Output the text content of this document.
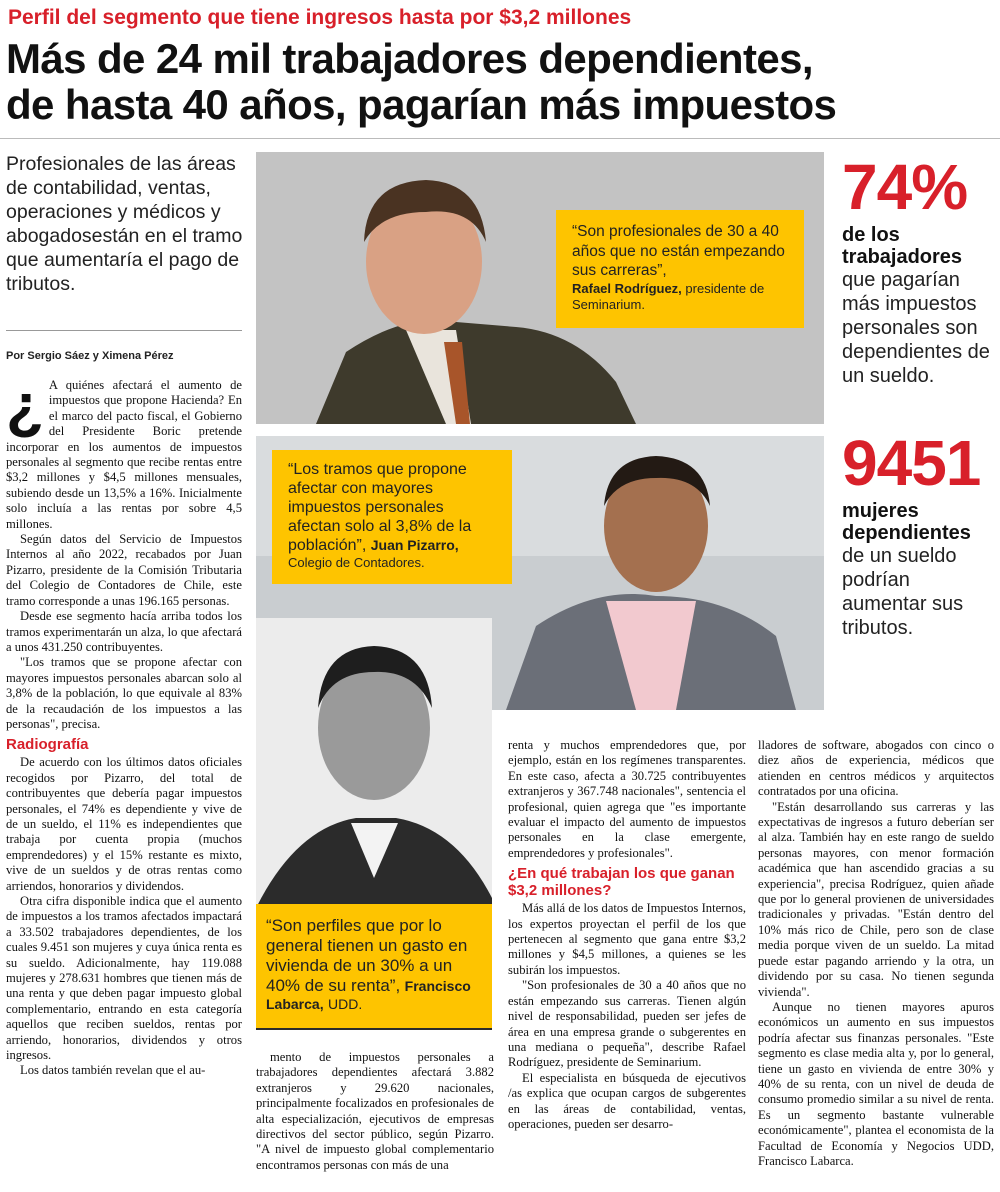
Perfil del segmento que tiene ingresos hasta por $3,2 millones
Más de 24 mil trabajadores dependientes,
de hasta 40 años, pagarían más impuestos
Profesionales de las áreas de contabilidad, ventas, operaciones y médicos y abogadosestán en el tramo que aumentaría el pago de tributos.
Por Sergio Sáez y Ximena Pérez
¿ A quiénes afectará el aumento de impuestos que propone Hacienda? En el marco del pacto fiscal, el Gobierno del Presidente Boric pretende incorporar en los aumentos de impuestos personales al segmento que recibe rentas entre $3,2 millones y $4,5 millones mensuales, subiendo desde un 13,5% a 16%. Inicialmente solo incluía a las rentas por sobre 4,5 millones.

Según datos del Servicio de Impuestos Internos al año 2022, recabados por Juan Pizarro, presidente de la Comisión Tributaria del Colegio de Contadores de Chile, este tramo corresponde a unas 196.165 personas.

Desde ese segmento hacía arriba todos los tramos experimentarán un alza, lo que afectará a unos 431.250 contribuyentes.

"Los tramos que se propone afectar con mayores impuestos personales abarcan solo al 3,8% de la población, lo que equivale al 83% de la recaudación de los impuestos a las personas", precisa.

Radiografía

De acuerdo con los últimos datos oficiales recogidos por Pizarro, del total de contribuyentes que debería pagar impuestos personales, el 74% es dependiente y vive de de un sueldo, el 11% es independientes que trabaja por cuenta propia (muchos emprendedores) y el 15% restante es mixto, vive de un sueldos y de otras rentas como arriendos, honorarios y dividendos.

Otra cifra disponible indica que el aumento de impuestos a los tramos afectados impactará a 33.502 trabajadores dependientes, de los cuales 9.451 son mujeres y cuya única renta es su sueldo. Adicionalmente, hay 119.088 mujeres y 278.631 hombres que tienen más de una renta y que deben pagar impuesto global complementario, entrando en esta categoría aquellos que reciben sueldos, rentas por arriendo, honorarios, dividendos y otros ingresos.

Los datos también revelan que el au-

“Son profesionales de 30 a 40 años que no están empezando sus carreras”,
Rafael Rodríguez, presidente de Seminarium.
74%
de los trabajadores
que pagarían más impuestos personales son dependientes de un sueldo.
“Los tramos que propone afectar con mayores impuestos personales afectan solo al 3,8% de la población”, Juan Pizarro,
Colegio de Contadores.
9451
mujeres dependientes
de un sueldo podrían aumentar sus tributos.
“Son perfiles que por lo general tienen un gasto en vivienda de un 30% a un 40% de su renta”, Francisco Labarca, UDD.

mento de impuestos personales a trabajadores dependientes afectará 3.882 extranjeros y 29.620 nacionales, principalmente focalizados en profesionales de alta especialización, ejecutivos de empresas directivos del sector público, según Pizarro. "A nivel de impuesto global complementario encontramos personas con más de una

renta y muchos emprendedores que, por ejemplo, están en los regímenes transparentes. En este caso, afecta a 30.725 contribuyentes extranjeros y 367.748 nacionales", sentencia el profesional, quien agrega que "es importante evaluar el impacto del aumento de impuestos personales en la clase emergente, emprendedores y profesionales".

¿En qué trabajan los que ganan $3,2 millones?

Más allá de los datos de Impuestos Internos, los expertos proyectan el perfil de los que pertenecen al segmento que gana entre $3,2 millones y $4,5 millones, a quienes se les subirán los impuestos.

"Son profesionales de 30 a 40 años que no están empezando sus carreras. Tienen algún nivel de responsabilidad, pueden ser jefes de área en una empresa grande o subgerentes en una mediana o pequeña", describe Rafael Rodríguez, presidente de Seminarium.

El especialista en búsqueda de ejecutivos /as explica que ocupan cargos de subgerentes en las áreas de contabilidad, ventas, operaciones, pueden ser desarro-

lladores de software, abogados con cinco o diez años de experiencia, médicos que atienden en centros médicos y arquitectos contratados por una oficina.

"Están desarrollando sus carreras y las expectativas de ingresos a futuro deberían ser al alza. También hay en este rango de sueldo personas mayores, con menor formación académica que han ascendido gracias a su experiencia", precisa Rodríguez, quien añade que por lo general provienen de universidades tradicionales y privadas. "Están dentro del 10% más rico de Chile, pero son de clase media porque viven de un sueldo. La mitad puede estar pagando arriendo y la otra, un dividendo por su casa. No tienen segunda vivienda".

Aunque no tienen mayores apuros económicos un aumento en sus impuestos podría afectar sus finanzas personales. "Este segmento es clase media alta y, por lo general, tiene un gasto en vivienda de entre 30% y 40% de su renta, con un nivel de deuda de consumo promedio similar a su nivel de renta. Es un segmento bastante vulnerable económicamente", plantea el economista de la Facultad de Economía y Negocios UDD, Francisco Labarca.
